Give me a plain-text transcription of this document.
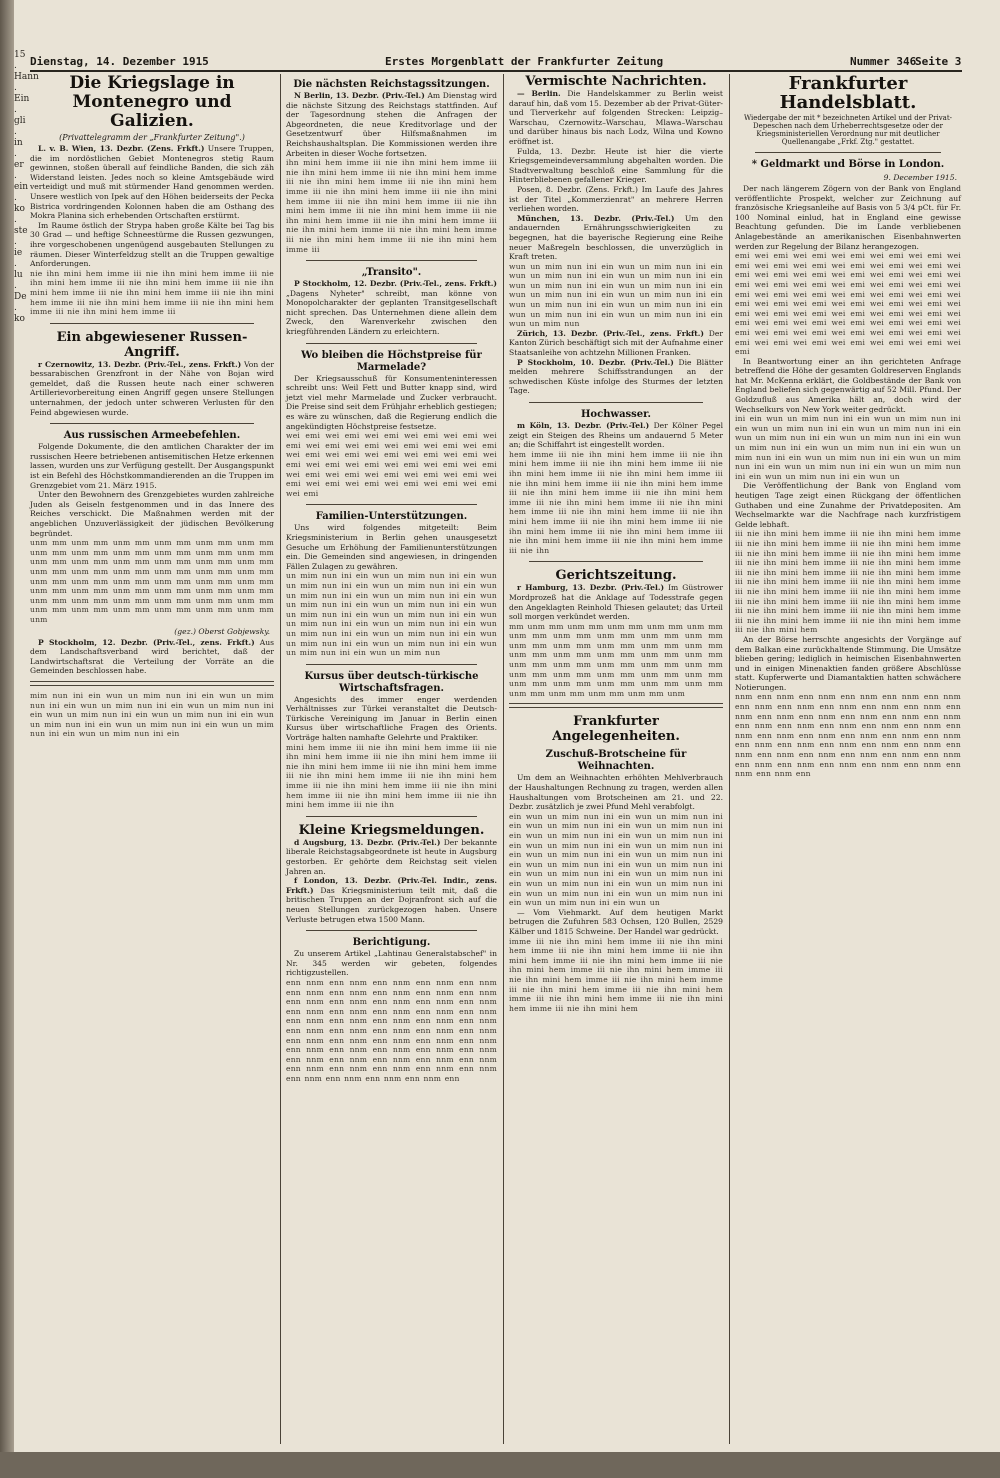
15 . Hann . Ein . gli . in . er . ein . ko . ste . ie . lu . De . ko
Dienstag, 14. Dezember 1915	Erstes Morgenblatt der Frankfurter Zeitung	Nummer 346
Seite 3
Die Kriegslage in Montenegro und Galizien.
(Privattelegramm der „Frankfurter Zeitung".)

L. v. B. Wien, 13. Dezbr. (Zens. Frkft.) Unsere Truppen, die im nordöstlichen Gebiet Montenegros stetig Raum gewinnen, stoßen überall auf feindliche Banden, die sich zäh Widerstand leisten. Jedes noch so kleine Amtsgebäude wird verteidigt und muß mit stürmender Hand genommen werden. Unsere westlich von Ipek auf den Höhen beiderseits der Pecka Bistrica vordringenden Kolonnen haben die am Osthang des Mokra Planina sich erhebenden Ortschaften erstürmt.

Im Raume östlich der Strypa haben große Kälte bei Tag bis 30 Grad — und heftige Schneestürme die Russen gezwungen, ihre vorgeschobenen ungenügend ausgebauten Stellungen zu räumen. Dieser Winterfeldzug stellt an die Truppen gewaltige Anforderungen.

nie ihn mini hem imme iii nie ihn mini hem imme iii nie ihn mini hem imme iii nie ihn mini hem imme iii nie ihn mini hem imme iii nie ihn mini hem imme iii nie ihn mini hem imme iii nie ihn mini hem imme iii nie ihn mini hem imme iii nie ihn mini hem imme iii
Ein abgewiesener Russen-Angriff.

r Czernowitz, 13. Dezbr. (Priv.-Tel., zens. Frkft.) Von der bessarabischen Grenzfront in der Nähe von Bojan wird gemeldet, daß die Russen heute nach einer schweren Artillerievorbereitung einen Angriff gegen unsere Stellungen unternahmen, der jedoch unter schweren Verlusten für den Feind abgewiesen wurde.

Aus russischen Armeebefehlen.

Folgende Dokumente, die den amtlichen Charakter der im russischen Heere betriebenen antisemitischen Hetze erkennen lassen, wurden uns zur Verfügung gestellt. Der Ausgangspunkt ist ein Befehl des Höchstkommandierenden an die Truppen im Grenzgebiet vom 21. März 1915.

Unter den Bewohnern des Grenzgebietes wurden zahlreiche Juden als Geiseln festgenommen und in das Innere des Reiches verschickt. Die Maßnahmen werden mit der angeblichen Unzuverlässigkeit der jüdischen Bevölkerung begründet.

unm mm unm mm unm mm unm mm unm mm unm mm unm mm unm mm unm mm unm mm unm mm unm mm unm mm unm mm unm mm unm mm unm mm unm mm unm mm unm mm unm mm unm mm unm mm unm mm unm mm unm mm unm mm unm mm unm mm unm mm unm mm unm mm unm mm unm mm unm mm unm mm unm mm unm mm unm mm unm mm unm mm unm mm unm mm unm mm unm mm unm mm unm mm unm mm unm
(gez.) Oberst Gobjewsky.

P Stockholm, 12. Dezbr. (Priv.-Tel., zens. Frkft.) Aus dem Landschaftsverband wird berichtet, daß der Landwirtschaftsrat die Verteilung der Vorräte an die Gemeinden beschlossen habe.

mim nun ini ein wun un mim nun ini ein wun un mim nun ini ein wun un mim nun ini ein wun un mim nun ini ein wun un mim nun ini ein wun un mim nun ini ein wun un mim nun ini ein wun un mim nun ini ein wun un mim nun ini ein wun un mim nun ini ein
Die nächsten Reichstagssitzungen.

N Berlin, 13. Dezbr. (Priv.-Tel.) Am Dienstag wird die nächste Sitzung des Reichstags stattfinden. Auf der Tagesordnung stehen die Anfragen der Abgeordneten, die neue Kreditvorlage und der Gesetzentwurf über Hilfsmaßnahmen im Reichshaushaltsplan. Die Kommissionen werden ihre Arbeiten in dieser Woche fortsetzen.

ihn mini hem imme iii nie ihn mini hem imme iii nie ihn mini hem imme iii nie ihn mini hem imme iii nie ihn mini hem imme iii nie ihn mini hem imme iii nie ihn mini hem imme iii nie ihn mini hem imme iii nie ihn mini hem imme iii nie ihn mini hem imme iii nie ihn mini hem imme iii nie ihn mini hem imme iii nie ihn mini hem imme iii nie ihn mini hem imme iii nie ihn mini hem imme iii nie ihn mini hem imme iii nie ihn mini hem imme iii
„Transito".

P Stockholm, 12. Dezbr. (Priv.-Tel., zens. Frkft.) „Dagens Nyheter" schreibt, man könne von Monopolcharakter der geplanten Transitgesellschaft nicht sprechen. Das Unternehmen diene allein dem Zweck, den Warenverkehr zwischen den kriegführenden Ländern zu erleichtern.

Wo bleiben die Höchstpreise für Marmelade?

Der Kriegsausschuß für Konsumenteninteressen schreibt uns: Weil Fett und Butter knapp sind, wird jetzt viel mehr Marmelade und Zucker verbraucht. Die Preise sind seit dem Frühjahr erheblich gestiegen; es wäre zu wünschen, daß die Regierung endlich die angekündigten Höchstpreise festsetze.

wei emi wei emi wei emi wei emi wei emi wei emi wei emi wei emi wei emi wei emi wei emi wei emi wei emi wei emi wei emi wei emi wei emi wei emi wei emi wei emi wei emi wei emi wei emi wei emi wei emi wei emi wei emi wei emi wei emi wei emi wei emi wei emi wei emi wei emi
Familien-Unterstützungen.

Uns wird folgendes mitgeteilt: Beim Kriegsministerium in Berlin gehen unausgesetzt Gesuche um Erhöhung der Familienunterstützungen ein. Die Gemeinden sind angewiesen, in dringenden Fällen Zulagen zu gewähren.

un mim nun ini ein wun un mim nun ini ein wun un mim nun ini ein wun un mim nun ini ein wun un mim nun ini ein wun un mim nun ini ein wun un mim nun ini ein wun un mim nun ini ein wun un mim nun ini ein wun un mim nun ini ein wun un mim nun ini ein wun un mim nun ini ein wun un mim nun ini ein wun un mim nun ini ein wun un mim nun ini ein wun un mim nun ini ein wun un mim nun ini ein wun un mim nun
Kursus über deutsch-türkische Wirtschaftsfragen.

Angesichts des immer enger werdenden Verhältnisses zur Türkei veranstaltet die Deutsch-Türkische Vereinigung im Januar in Berlin einen Kursus über wirtschaftliche Fragen des Orients. Vorträge halten namhafte Gelehrte und Praktiker.

mini hem imme iii nie ihn mini hem imme iii nie ihn mini hem imme iii nie ihn mini hem imme iii nie ihn mini hem imme iii nie ihn mini hem imme iii nie ihn mini hem imme iii nie ihn mini hem imme iii nie ihn mini hem imme iii nie ihn mini hem imme iii nie ihn mini hem imme iii nie ihn mini hem imme iii nie ihn
Kleine Kriegsmeldungen.

d Augsburg, 13. Dezbr. (Priv.-Tel.) Der bekannte liberale Reichstagsabgeordnete ist heute in Augsburg gestorben. Er gehörte dem Reichstag seit vielen Jahren an.

f London, 13. Dezbr. (Priv.-Tel. Indir., zens. Frkft.) Das Kriegsministerium teilt mit, daß die britischen Truppen an der Dojranfront sich auf die neuen Stellungen zurückgezogen haben. Unsere Verluste betrugen etwa 1500 Mann.

Berichtigung.

Zu unserem Artikel „Lahtinau Generalstabschef" in Nr. 345 werden wir gebeten, folgendes richtigzustellen.

enn nnm enn nnm enn nnm enn nnm enn nnm enn nnm enn nnm enn nnm enn nnm enn nnm enn nnm enn nnm enn nnm enn nnm enn nnm enn nnm enn nnm enn nnm enn nnm enn nnm enn nnm enn nnm enn nnm enn nnm enn nnm enn nnm enn nnm enn nnm enn nnm enn nnm enn nnm enn nnm enn nnm enn nnm enn nnm enn nnm enn nnm enn nnm enn nnm enn nnm enn nnm enn nnm enn nnm enn nnm enn nnm enn nnm enn nnm enn nnm enn nnm enn nnm enn nnm enn nnm enn nnm enn nnm enn
Vermischte Nachrichten.

— Berlin. Die Handelskammer zu Berlin weist darauf hin, daß vom 15. Dezember ab der Privat-Güter- und Tierverkehr auf folgenden Strecken: Leipzig–Warschau, Czernowitz–Warschau, Mlawa–Warschau und darüber hinaus bis nach Lodz, Wilna und Kowno eröffnet ist.

Fulda, 13. Dezbr. Heute ist hier die vierte Kriegsgemeindeversammlung abgehalten worden. Die Stadtverwaltung beschloß eine Sammlung für die Hinterbliebenen gefallener Krieger.

Posen, 8. Dezbr. (Zens. Frkft.) Im Laufe des Jahres ist der Titel „Kommerzienrat" an mehrere Herren verliehen worden.

München, 13. Dezbr. (Priv.-Tel.) Um den andauernden Ernährungsschwierigkeiten zu begegnen, hat die bayerische Regierung eine Reihe neuer Maßregeln beschlossen, die unverzüglich in Kraft treten.

wun un mim nun ini ein wun un mim nun ini ein wun un mim nun ini ein wun un mim nun ini ein wun un mim nun ini ein wun un mim nun ini ein wun un mim nun ini ein wun un mim nun ini ein wun un mim nun ini ein wun un mim nun ini ein wun un mim nun ini ein wun un mim nun ini ein wun un mim nun

Zürich, 13. Dezbr. (Priv.-Tel., zens. Frkft.) Der Kanton Zürich beschäftigt sich mit der Aufnahme einer Staatsanleihe von achtzehn Millionen Franken.

P Stockholm, 10. Dezbr. (Priv.-Tel.) Die Blätter melden mehrere Schiffsstrandungen an der schwedischen Küste infolge des Sturmes der letzten Tage.

Hochwasser.

m Köln, 13. Dezbr. (Priv.-Tel.) Der Kölner Pegel zeigt ein Steigen des Rheins um andauernd 5 Meter an; die Schiffahrt ist eingestellt worden.

hem imme iii nie ihn mini hem imme iii nie ihn mini hem imme iii nie ihn mini hem imme iii nie ihn mini hem imme iii nie ihn mini hem imme iii nie ihn mini hem imme iii nie ihn mini hem imme iii nie ihn mini hem imme iii nie ihn mini hem imme iii nie ihn mini hem imme iii nie ihn mini hem imme iii nie ihn mini hem imme iii nie ihn mini hem imme iii nie ihn mini hem imme iii nie ihn mini hem imme iii nie ihn mini hem imme iii nie ihn mini hem imme iii nie ihn mini hem imme iii nie ihn
Gerichtszeitung.

r Hamburg, 13. Dezbr. (Priv.-Tel.) Im Güstrower Mordprozeß hat die Anklage auf Todesstrafe gegen den Angeklagten Reinhold Thiesen gelautet; das Urteil soll morgen verkündet werden.

mm unm mm unm mm unm mm unm mm unm mm unm mm unm mm unm mm unm mm unm mm unm mm unm mm unm mm unm mm unm mm unm mm unm mm unm mm unm mm unm mm unm mm unm mm unm mm unm mm unm mm unm mm unm mm unm mm unm mm unm mm unm mm unm mm unm mm unm mm unm mm unm mm unm mm unm mm unm mm unm
Frankfurter Angelegenheiten.
Zuschuß-Brotscheine für Weihnachten.

Um dem an Weihnachten erhöhten Mehlverbrauch der Haushaltungen Rechnung zu tragen, werden allen Haushaltungen vom Brotscheinen am 21. und 22. Dezbr. zusätzlich je zwei Pfund Mehl verabfolgt.

ein wun un mim nun ini ein wun un mim nun ini ein wun un mim nun ini ein wun un mim nun ini ein wun un mim nun ini ein wun un mim nun ini ein wun un mim nun ini ein wun un mim nun ini ein wun un mim nun ini ein wun un mim nun ini ein wun un mim nun ini ein wun un mim nun ini ein wun un mim nun ini ein wun un mim nun ini ein wun un mim nun ini ein wun un mim nun ini ein wun un mim nun ini ein wun un mim nun ini ein wun un mim nun ini ein wun un

— Vom Viehmarkt. Auf dem heutigen Markt betrugen die Zufuhren 583 Ochsen, 120 Bullen, 2529 Kälber und 1815 Schweine. Der Handel war gedrückt.

imme iii nie ihn mini hem imme iii nie ihn mini hem imme iii nie ihn mini hem imme iii nie ihn mini hem imme iii nie ihn mini hem imme iii nie ihn mini hem imme iii nie ihn mini hem imme iii nie ihn mini hem imme iii nie ihn mini hem imme iii nie ihn mini hem imme iii nie ihn mini hem imme iii nie ihn mini hem imme iii nie ihn mini hem imme iii nie ihn mini hem
Frankfurter Handelsblatt.
Wiedergabe der mit * bezeichneten Artikel und der Privat-Depeschen nach dem Urheberrechtsgesetze oder der Kriegsministeriellen Verordnung nur mit deutlicher Quellenangabe „Frkf. Ztg." gestattet.
* Geldmarkt und Börse in London.
9. December 1915.

Der nach längerem Zögern von der Bank von England veröffentlichte Prospekt, welcher zur Zeichnung auf französische Kriegsanleihe auf Basis von 5 3/4 pCt. für Fr. 100 Nominal einlud, hat in England eine gewisse Beachtung gefunden. Die im Lande verbliebenen Anlagebestände an amerikanischen Eisenbahnwerten werden zur Regelung der Bilanz herangezogen.

emi wei emi wei emi wei emi wei emi wei emi wei emi wei emi wei emi wei emi wei emi wei emi wei emi wei emi wei emi wei emi wei emi wei emi wei emi wei emi wei emi wei emi wei emi wei emi wei emi wei emi wei emi wei emi wei emi wei emi wei emi wei emi wei emi wei emi wei emi wei emi wei emi wei emi wei emi wei emi wei emi wei emi wei emi wei emi wei emi wei emi wei emi wei emi wei emi wei emi wei emi wei emi wei emi wei emi wei emi wei emi wei emi wei emi wei emi wei emi wei emi

In Beantwortung einer an ihn gerichteten Anfrage betreffend die Höhe der gesamten Goldreserven Englands hat Mr. McKenna erklärt, die Goldbestände der Bank von England beliefen sich gegenwärtig auf 52 Mill. Pfund. Der Goldzufluß aus Amerika hält an, doch wird der Wechselkurs von New York weiter gedrückt.

ini ein wun un mim nun ini ein wun un mim nun ini ein wun un mim nun ini ein wun un mim nun ini ein wun un mim nun ini ein wun un mim nun ini ein wun un mim nun ini ein wun un mim nun ini ein wun un mim nun ini ein wun un mim nun ini ein wun un mim nun ini ein wun un mim nun ini ein wun un mim nun ini ein wun un mim nun ini ein wun un

Die Veröffentlichung der Bank von England vom heutigen Tage zeigt einen Rückgang der öffentlichen Guthaben und eine Zunahme der Privatdepositen. Am Wechselmarkte war die Nachfrage nach kurzfristigem Gelde lebhaft.

iii nie ihn mini hem imme iii nie ihn mini hem imme iii nie ihn mini hem imme iii nie ihn mini hem imme iii nie ihn mini hem imme iii nie ihn mini hem imme iii nie ihn mini hem imme iii nie ihn mini hem imme iii nie ihn mini hem imme iii nie ihn mini hem imme iii nie ihn mini hem imme iii nie ihn mini hem imme iii nie ihn mini hem imme iii nie ihn mini hem imme iii nie ihn mini hem imme iii nie ihn mini hem imme iii nie ihn mini hem imme iii nie ihn mini hem imme iii nie ihn mini hem imme iii nie ihn mini hem imme iii nie ihn mini hem

An der Börse herrschte angesichts der Vorgänge auf dem Balkan eine zurückhaltende Stimmung. Die Umsätze blieben gering; lediglich in heimischen Eisenbahnwerten und in einigen Minenaktien fanden größere Abschlüsse statt. Kupferwerte und Diamantaktien hatten schwächere Notierungen.

nnm enn nnm enn nnm enn nnm enn nnm enn nnm enn nnm enn nnm enn nnm enn nnm enn nnm enn nnm enn nnm enn nnm enn nnm enn nnm enn nnm enn nnm enn nnm enn nnm enn nnm enn nnm enn nnm enn nnm enn nnm enn nnm enn nnm enn nnm enn nnm enn nnm enn nnm enn nnm enn nnm enn nnm enn nnm enn nnm enn nnm enn nnm enn nnm enn nnm enn nnm enn nnm enn nnm enn nnm enn nnm enn nnm enn
